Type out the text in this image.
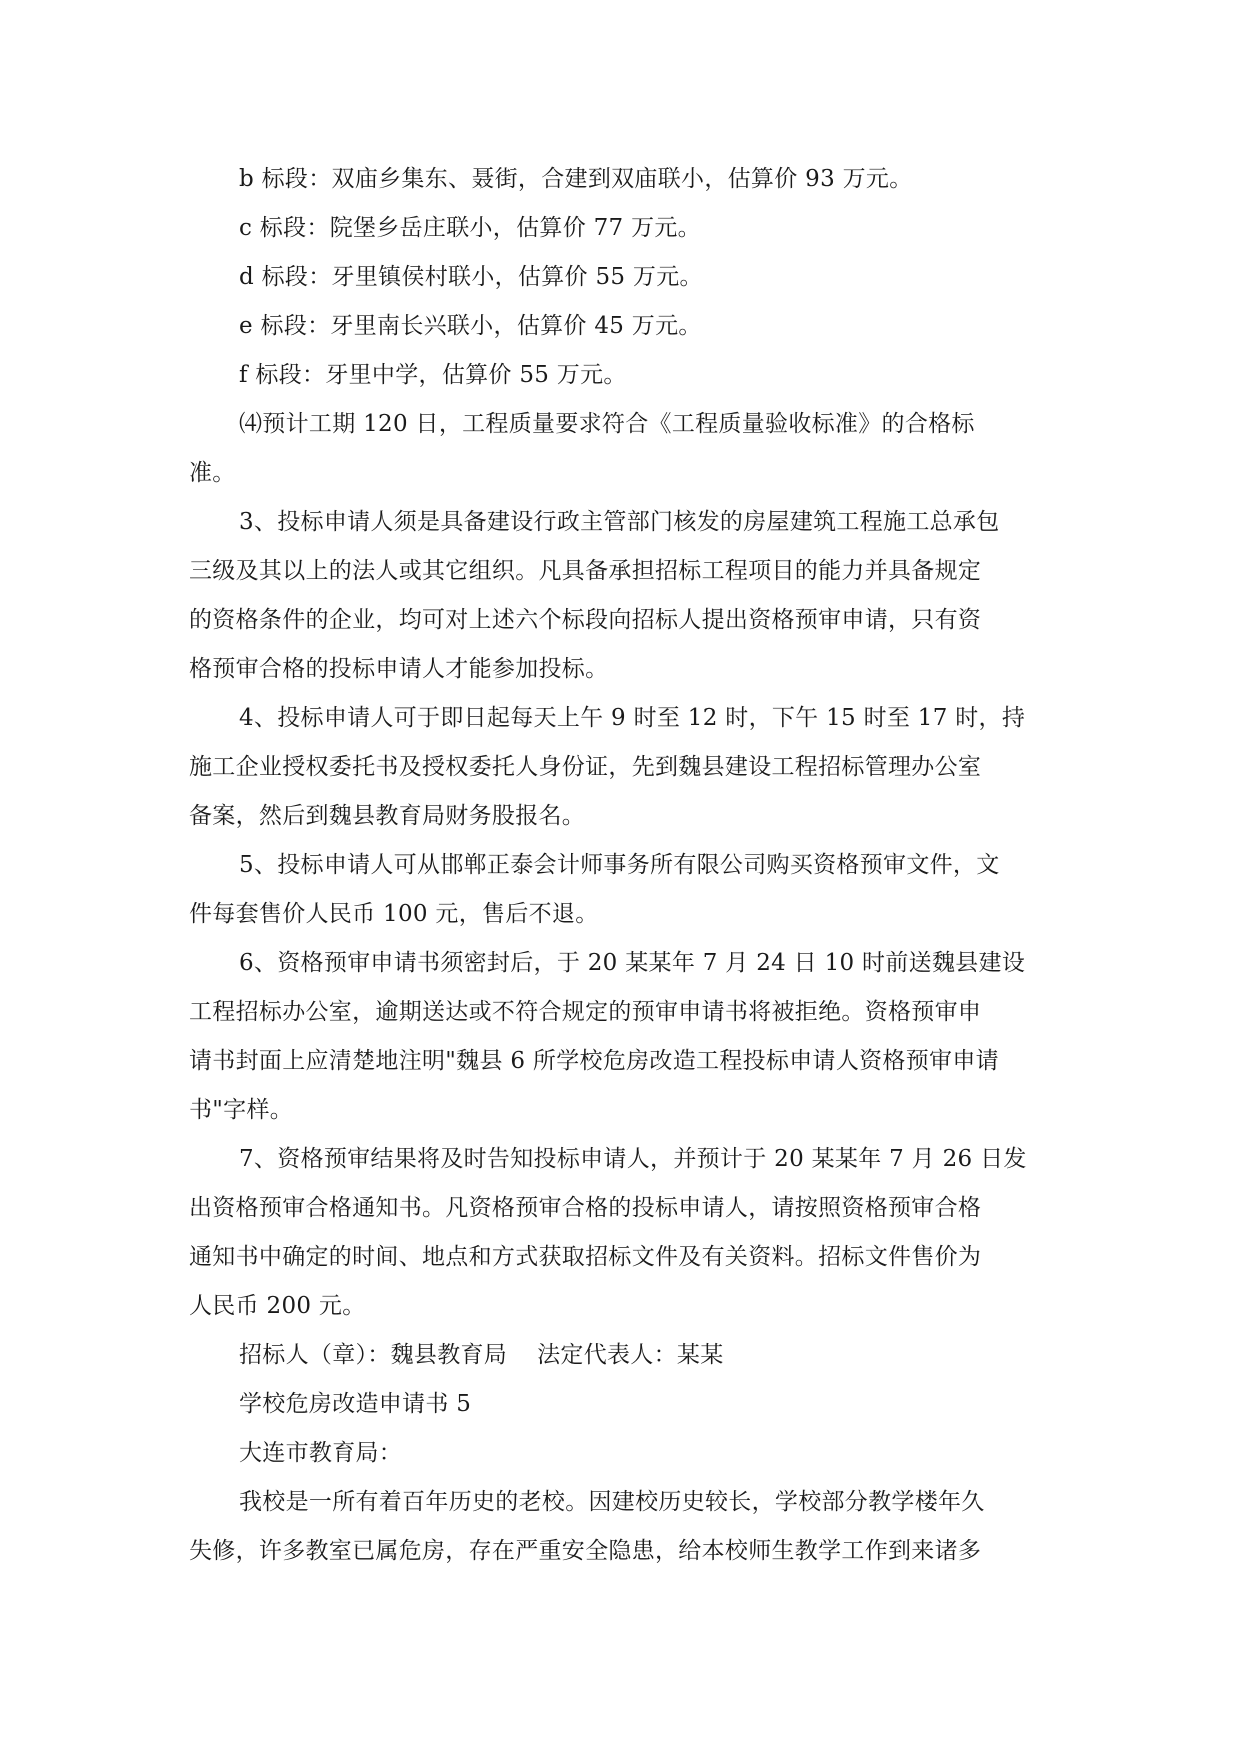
b 标段：双庙乡集东、聂街，合建到双庙联小，估算价 93 万元。
c 标段：院堡乡岳庄联小，估算价 77 万元。
d 标段：牙里镇侯村联小，估算价 55 万元。
e 标段：牙里南长兴联小，估算价 45 万元。
f 标段：牙里中学，估算价 55 万元。
⑷预计工期 120 日，工程质量要求符合《工程质量验收标准》的合格标
准。
3、投标申请人须是具备建设行政主管部门核发的房屋建筑工程施工总承包
三级及其以上的法人或其它组织。凡具备承担招标工程项目的能力并具备规定
的资格条件的企业，均可对上述六个标段向招标人提出资格预审申请，只有资
格预审合格的投标申请人才能参加投标。
4、投标申请人可于即日起每天上午 9 时至 12 时，下午 15 时至 17 时，持
施工企业授权委托书及授权委托人身份证，先到魏县建设工程招标管理办公室
备案，然后到魏县教育局财务股报名。
5、投标申请人可从邯郸正泰会计师事务所有限公司购买资格预审文件，文
件每套售价人民币 100 元，售后不退。
6、资格预审申请书须密封后，于 20 某某年 7 月 24 日 10 时前送魏县建设
工程招标办公室，逾期送达或不符合规定的预审申请书将被拒绝。资格预审申
请书封面上应清楚地注明"魏县 6 所学校危房改造工程投标申请人资格预审申请
书"字样。
7、资格预审结果将及时告知投标申请人，并预计于 20 某某年 7 月 26 日发
出资格预审合格通知书。凡资格预审合格的投标申请人，请按照资格预审合格
通知书中确定的时间、地点和方式获取招标文件及有关资料。招标文件售价为
人民币 200 元。
招标人（章）：魏县教育局 法定代表人：某某
学校危房改造申请书 5
大连市教育局：
我校是一所有着百年历史的老校。因建校历史较长，学校部分教学楼年久
失修，许多教室已属危房，存在严重安全隐患，给本校师生教学工作到来诸多
